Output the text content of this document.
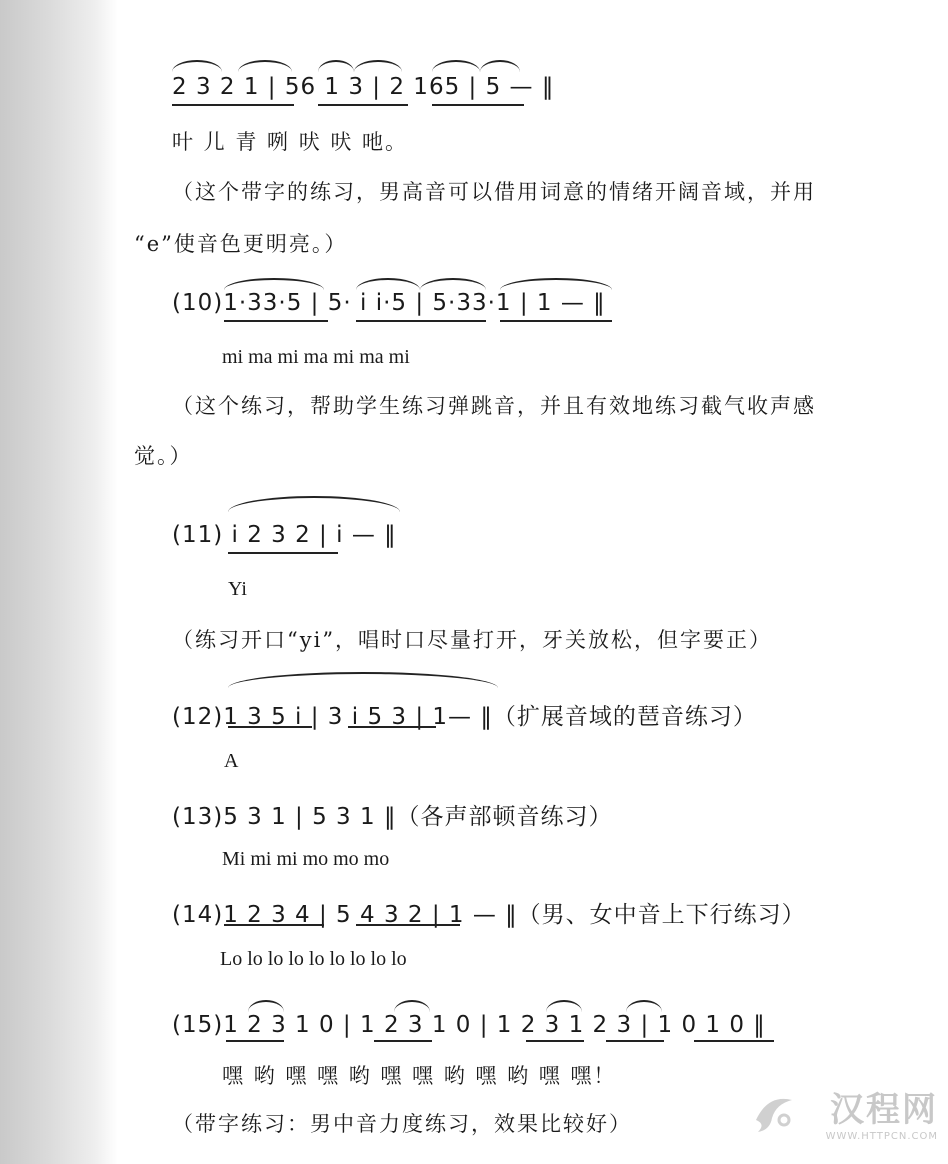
2 3 2 1 | 56 1 3 | 2 165 | 5 — ‖
叶 儿 青 咧 吠 吠 吔。
（这个带字的练习，男高音可以借用词意的情绪开阔音域，并用
“e”使音色更明亮。）
(10)1·33·5 | 5· i i·5 | 5·33·1 | 1 — ‖
mi ma mi ma mi ma mi
（这个练习，帮助学生练习弹跳音，并且有效地练习截气收声感
觉。）
(11) i 2 3 2 | i — ‖
Yi
（练习开口“yi”，唱时口尽量打开，牙关放松，但字要正）
(12)1 3 5 i | 3 i 5 3 | 1— ‖（扩展音域的琶音练习）
A
(13)5 3 1 | 5 3 1 ‖（各声部顿音练习）
Mi mi mi mo mo mo
(14)1 2 3 4 | 5 4 3 2 | 1 — ‖（男、女中音上下行练习）
Lo lo lo lo lo lo lo lo lo
(15)1 2 3 1 0 | 1 2 3 1 0 | 1 2 3 1 2 3 | 1 0 1 0 ‖
嘿 哟 嘿 嘿 哟 嘿 嘿 哟 嘿 哟 嘿 嘿！
（带字练习：男中音力度练习，效果比较好）	汉程网
WWW.HTTPCN.COM
